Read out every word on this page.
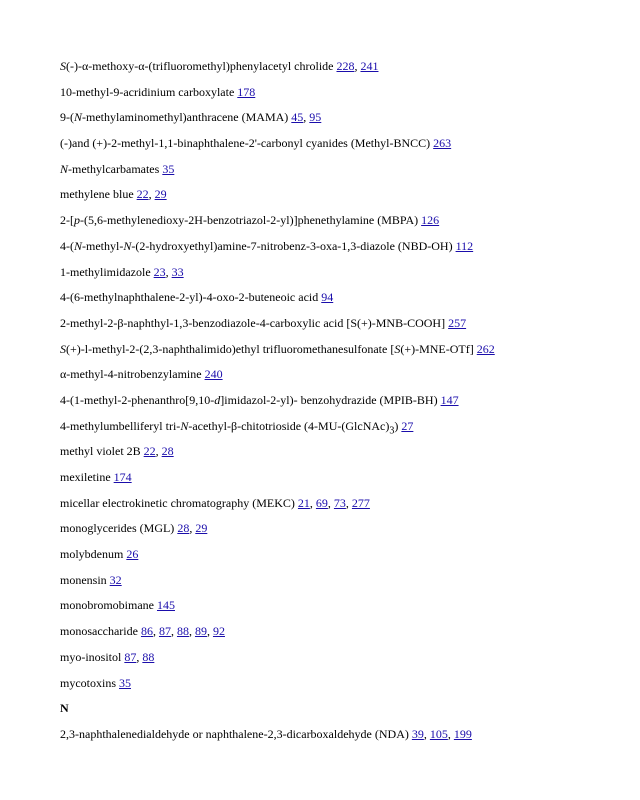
S(-)-α-methoxy-α-(trifluoromethyl)phenylacetyl chrolide 228, 241
10-methyl-9-acridinium carboxylate 178
9-(N-methylaminomethyl)anthracene (MAMA) 45, 95
(-)and (+)-2-methyl-1,1-binaphthalene-2'-carbonyl cyanides (Methyl-BNCC) 263
N-methylcarbamates 35
methylene blue 22, 29
2-[p-(5,6-methylenedioxy-2H-benzotriazol-2-yl)]phenethylamine (MBPA) 126
4-(N-methyl-N-(2-hydroxyethyl)amine-7-nitrobenz-3-oxa-1,3-diazole (NBD-OH) 112
1-methylimidazole 23, 33
4-(6-methylnaphthalene-2-yl)-4-oxo-2-buteneoic acid 94
2-methyl-2-β-naphthyl-1,3-benzodiazole-4-carboxylic acid [S(+)-MNB-COOH] 257
S(+)-l-methyl-2-(2,3-naphthalimido)ethyl trifluoromethanesulfonate [S(+)-MNE-OTf] 262
α-methyl-4-nitrobenzylamine 240
4-(1-methyl-2-phenanthro[9,10-d]imidazol-2-yl)- benzohydrazide (MPIB-BH) 147
4-methylumbelliferyl tri-N-acethyl-β-chitotrioside $(4-MU-(GlcNAc)_3)$ 27
methyl violet 2B 22, 28
mexiletine 174
micellar electrokinetic chromatography (MEKC) 21, 69, 73, 277
monoglycerides (MGL) 28, 29
molybdenum 26
monensin 32
monobromobimane 145
monosaccharide 86, 87, 88, 89, 92
myo-inositol 87, 88
mycotoxins 35
N
2,3-naphthalenedialdehyde or naphthalene-2,3-dicarboxaldehyde (NDA) 39, 105, 199
